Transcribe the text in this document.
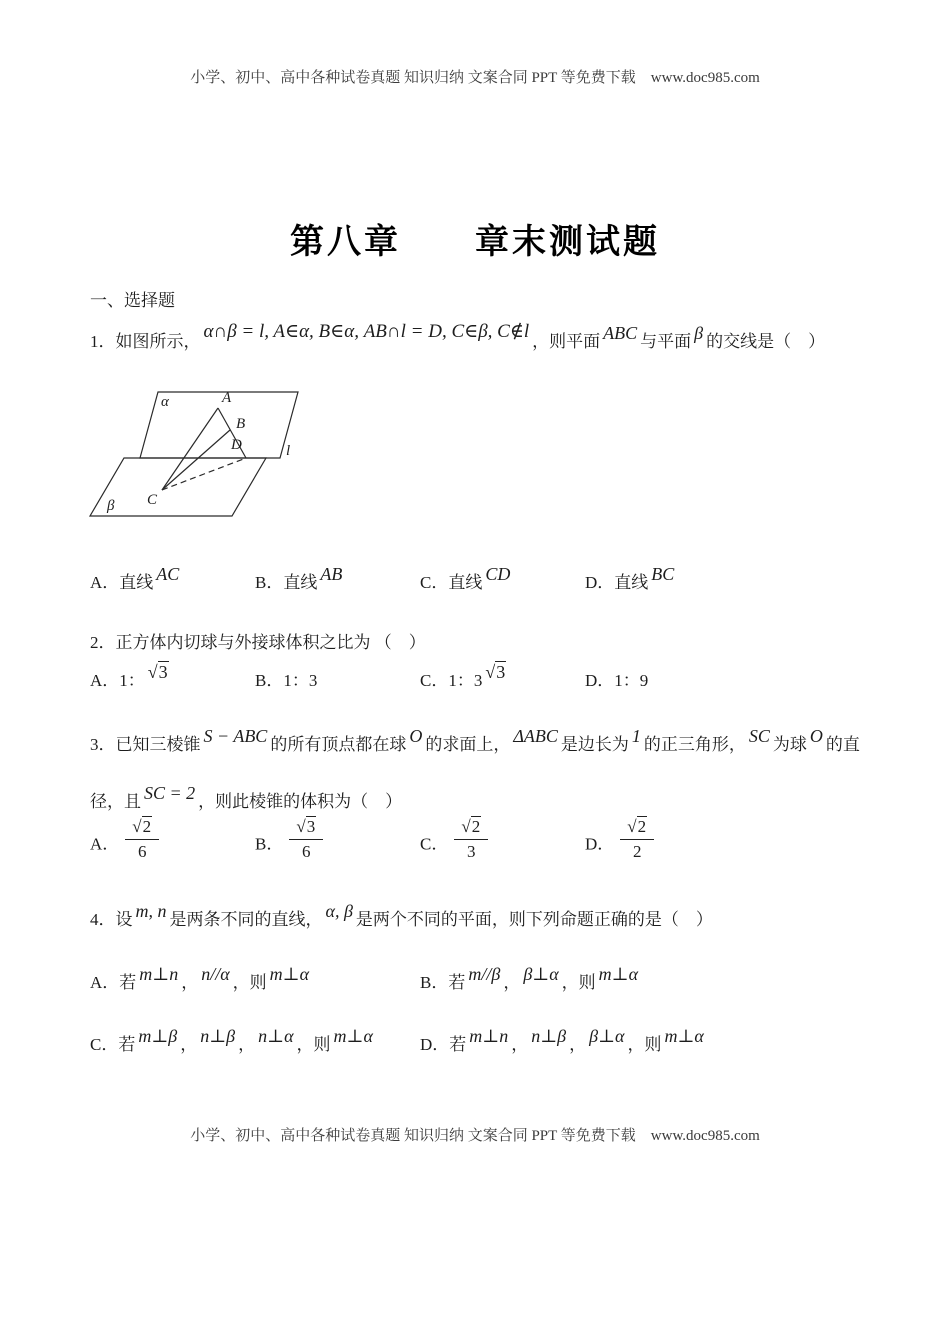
小学、初中、高中各种试卷真题 知识归纳 文案合同 PPT 等免费下载　www.doc985.com
第八章　　章末测试题
一、选择题

1．如图所示， α∩β = l, A∈α, B∈α, AB∩l = D, C∈β, C∉l ，则平面 ABC 与平面 β 的交线是（　）

α	A
B
D	l
C
β
A．直线 AC	B．直线 AB	C．直线 CD	D．直线 BC

2．正方体内切球与外接球体积之比为 （　）

A．1： √ 3	B．1：3	C．1：3 √ 3	D．1：9

3．已知三棱锥 S − ABC 的所有顶点都在球 O 的求面上， ΔABC 是边长为 1 的正三角形， SC 为球 O 的直径，且 SC = 2 ，则此棱锥的体积为（　）

A． √ $\frac{2}{6}$	B． √ $\frac{3}{6}$	C． √ $\frac{2}{3}$	D． √ $\frac{2}{2}$

4．设 m, n 是两条不同的直线， α, β 是两个不同的平面，则下列命题正确的是（　）

A．若 m⊥n ， n//α ，则 m⊥α	B．若 m//β ， β⊥α ，则 m⊥α
C．若 m⊥β ， n⊥β ， n⊥α ，则 m⊥α	D．若 m⊥n ， n⊥β ， β⊥α ，则 m⊥α
小学、初中、高中各种试卷真题 知识归纳 文案合同 PPT 等免费下载　www.doc985.com
